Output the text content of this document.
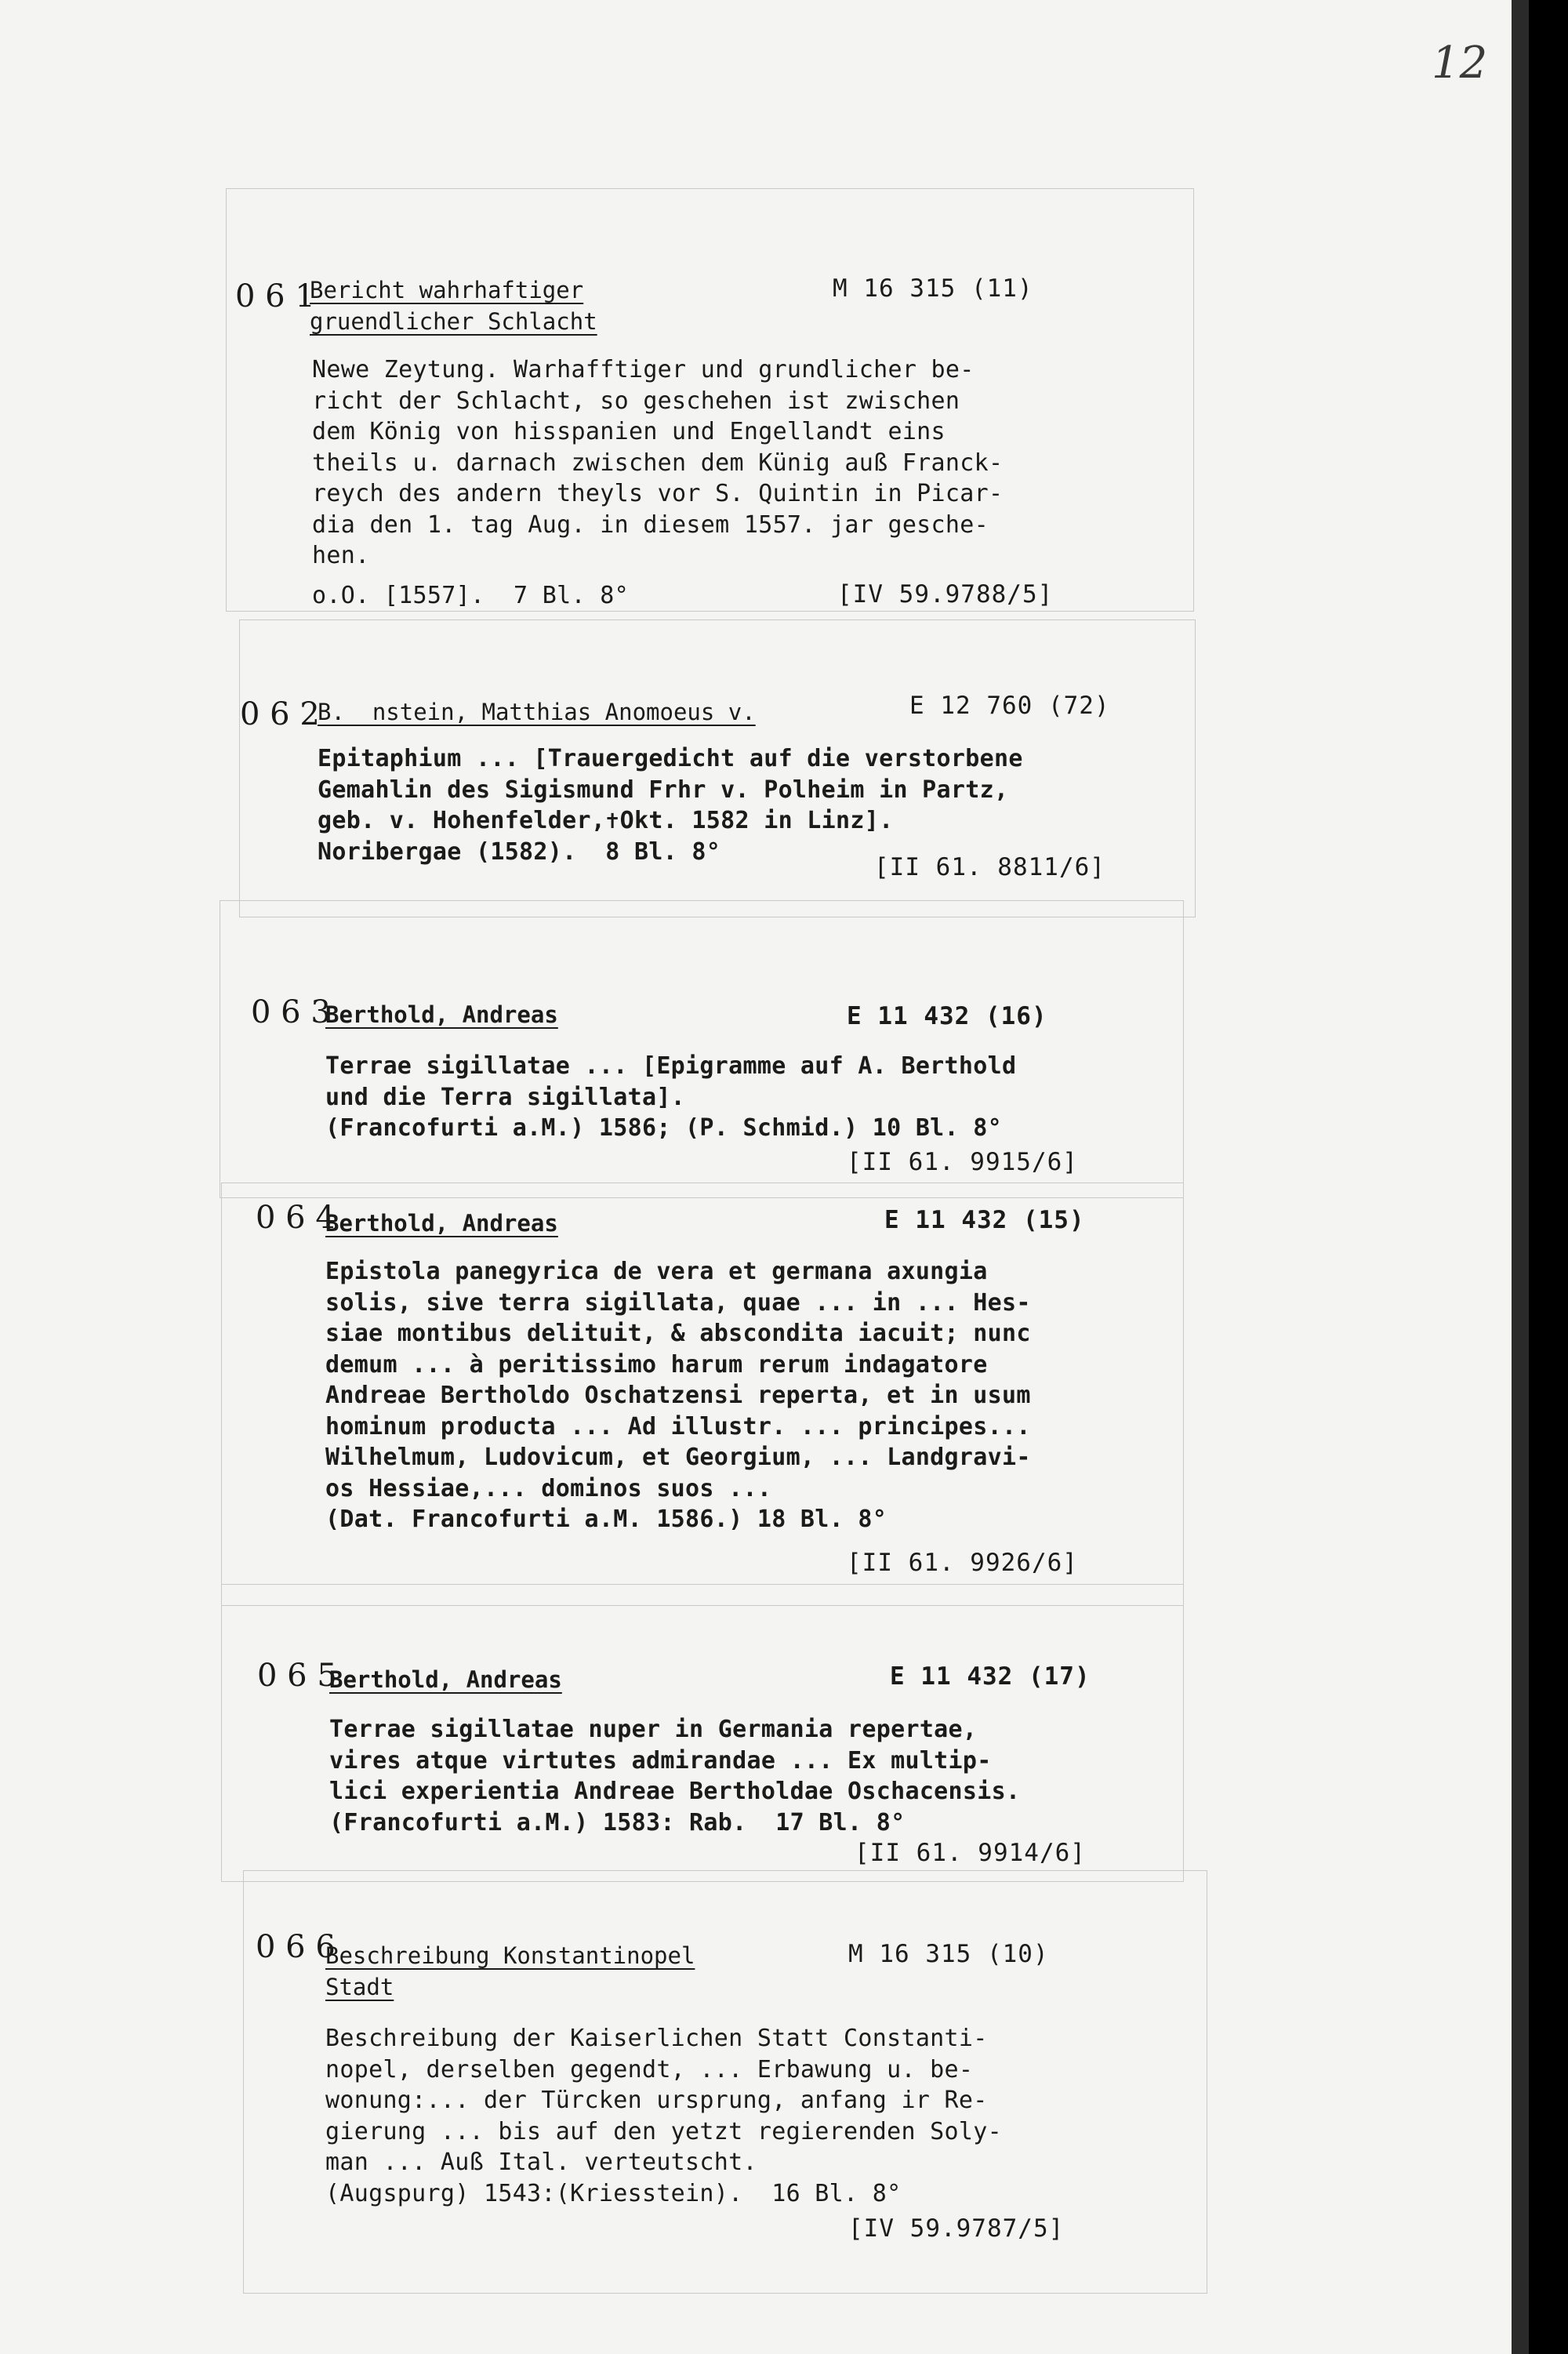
12
0 6 1
Bericht wahrhaftiger
gruendlicher Schlacht
M 16 315 (11)
Newe Zeytung. Warhafftiger und grundlicher be-
richt der Schlacht, so geschehen ist zwischen
dem König von hisspanien und Engellandt eins
theils u. darnach zwischen dem Künig auß Franck-
reych des andern theyls vor S. Quintin in Picar-
dia den 1. tag Aug. in diesem 1557. jar gesche-
hen.
o.O. [1557].  7 Bl. 8°	[IV 59.9788/5]
0 6 2
B.  nstein, Matthias Anomoeus v.	E 12 760 (72)
Epitaphium ... [Trauergedicht auf die verstorbene
Gemahlin des Sigismund Frhr v. Polheim in Partz,
geb. v. Hohenfelder,✝Okt. 1582 in Linz].
Noribergae (1582).  8 Bl. 8°
[II 61. 8811/6]
0 6 3
Berthold, Andreas	E 11 432 (16)
Terrae sigillatae ... [Epigramme auf A. Berthold
und die Terra sigillata].
(Francofurti a.M.) 1586; (P. Schmid.) 10 Bl. 8°
[II 61. 9915/6]
0 6 4
Berthold, Andreas	E 11 432 (15)
Epistola panegyrica de vera et germana axungia
solis, sive terra sigillata, quae ... in ... Hes-
siae montibus delituit, & abscondita iacuit; nunc
demum ... à peritissimo harum rerum indagatore
Andreae Bertholdo Oschatzensi reperta, et in usum
hominum producta ... Ad illustr. ... principes...
Wilhelmum, Ludovicum, et Georgium, ... Landgravi-
os Hessiae,... dominos suos ...
(Dat. Francofurti a.M. 1586.) 18 Bl. 8°
[II 61. 9926/6]
0 6 5
Berthold, Andreas	E 11 432 (17)
Terrae sigillatae nuper in Germania repertae,
vires atque virtutes admirandae ... Ex multip-
lici experientia Andreae Bertholdae Oschacensis.
(Francofurti a.M.) 1583: Rab.  17 Bl. 8°
[II 61. 9914/6]
0 6 6
Beschreibung Konstantinopel
Stadt
M 16 315 (10)
Beschreibung der Kaiserlichen Statt Constanti-
nopel, derselben gegendt, ... Erbawung u. be-
wonung:... der Türcken ursprung, anfang ir Re-
gierung ... bis auf den yetzt regierenden Soly-
man ... Auß Ital. verteutscht.
(Augspurg) 1543:(Kriesstein).  16 Bl. 8°
[IV 59.9787/5]
